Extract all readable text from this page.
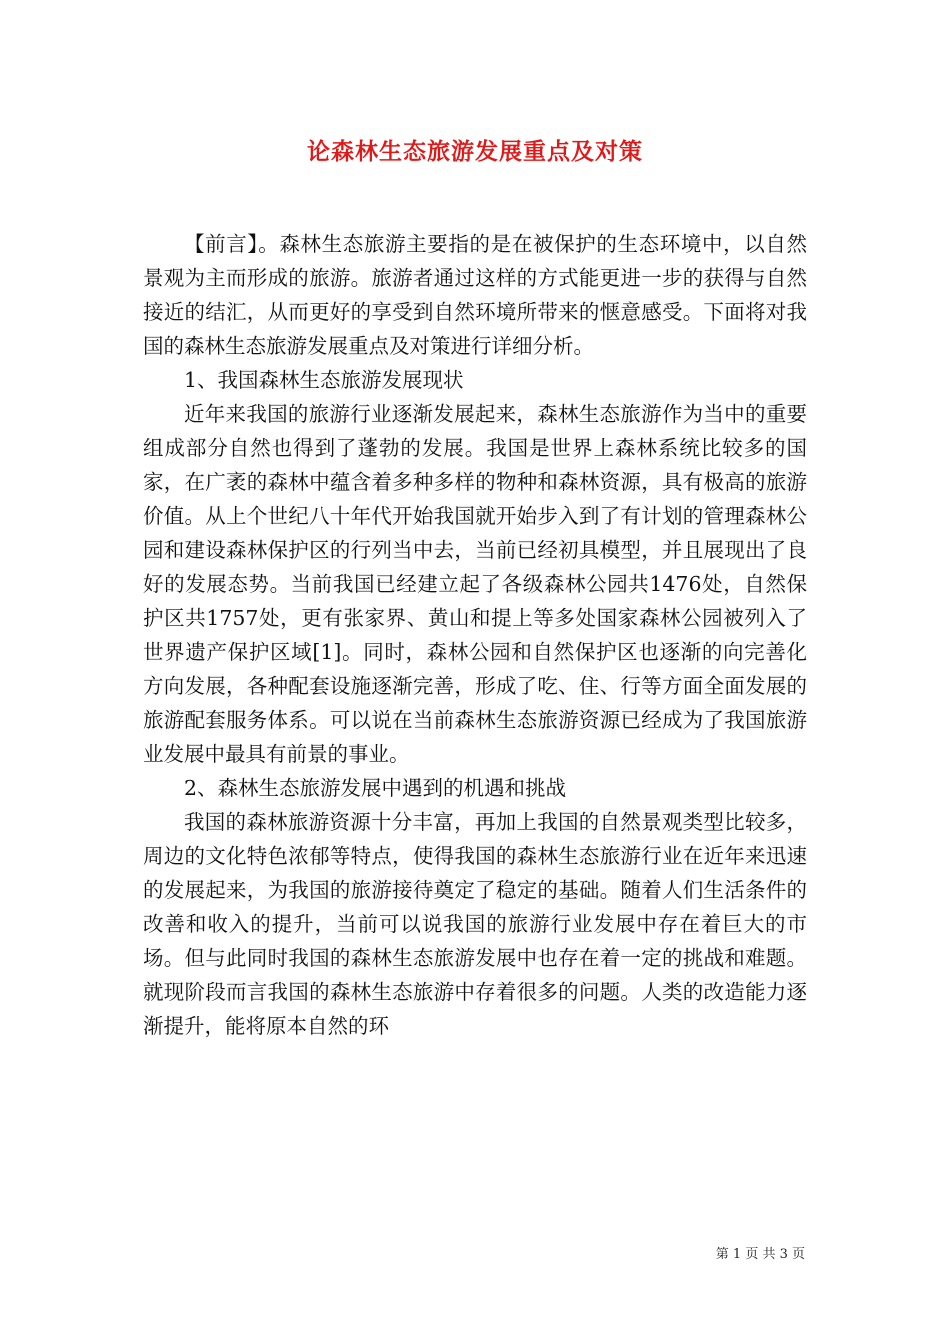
论森林生态旅游发展重点及对策

【前言】。森林生态旅游主要指的是在被保护的生态环境中，以自然景观为主而形成的旅游。旅游者通过这样的方式能更进一步的获得与自然接近的结汇，从而更好的享受到自然环境所带来的惬意感受。下面将对我国的森林生态旅游发展重点及对策进行详细分析。

1、我国森林生态旅游发展现状

近年来我国的旅游行业逐渐发展起来，森林生态旅游作为当中的重要组成部分自然也得到了蓬勃的发展。我国是世界上森林系统比较多的国家，在广袤的森林中蕴含着多种多样的物种和森林资源，具有极高的旅游价值。从上个世纪八十年代开始我国就开始步入到了有计划的管理森林公园和建设森林保护区的行列当中去，当前已经初具模型，并且展现出了良好的发展态势。当前我国已经建立起了各级森林公园共1476处，自然保护区共1757处，更有张家界、黄山和提上等多处国家森林公园被列入了世界遗产保护区域[1]。同时，森林公园和自然保护区也逐渐的向完善化方向发展，各种配套设施逐渐完善，形成了吃、住、行等方面全面发展的旅游配套服务体系。可以说在当前森林生态旅游资源已经成为了我国旅游业发展中最具有前景的事业。

2、森林生态旅游发展中遇到的机遇和挑战

我国的森林旅游资源十分丰富，再加上我国的自然景观类型比较多，周边的文化特色浓郁等特点，使得我国的森林生态旅游行业在近年来迅速的发展起来，为我国的旅游接待奠定了稳定的基础。随着人们生活条件的改善和收入的提升，当前可以说我国的旅游行业发展中存在着巨大的市场。但与此同时我国的森林生态旅游发展中也存在着一定的挑战和难题。就现阶段而言我国的森林生态旅游中存着很多的问题。人类的改造能力逐渐提升，能将原本自然的环

第 1 页 共 3 页
